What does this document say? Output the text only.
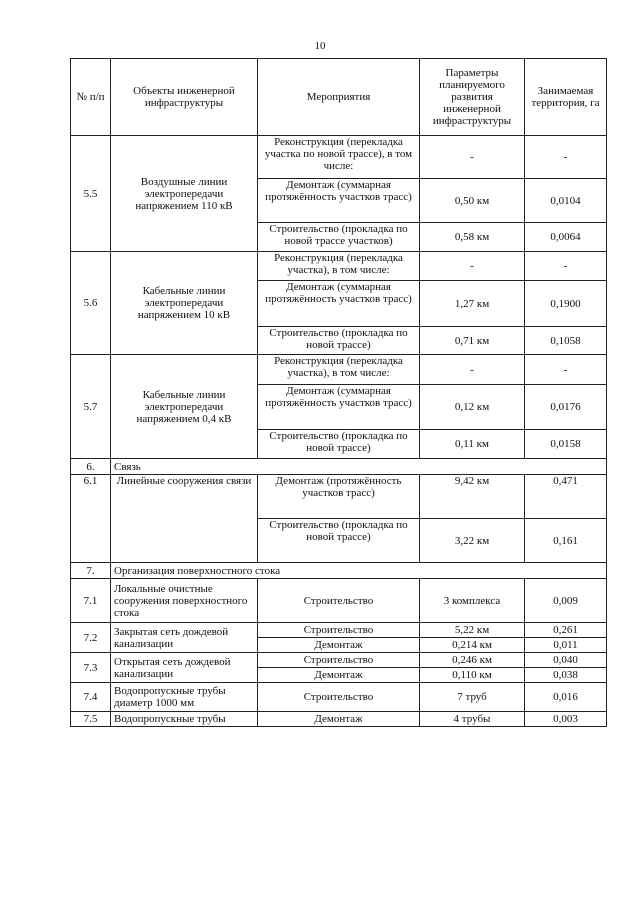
10
№ п/п	Объекты инженерной инфраструктуры	Мероприятия	Параметры планируемого развития инженерной инфраструктуры	Занимаемая территория, га
5.5	Воздушные линии электропередачи напряжением 110 кВ	Реконструкция (перекладка участка по новой трассе), в том числе:	-	-
		Демонтаж (суммарная протяжённость участков трасс)	0,50 км	0,0104
		Строительство (прокладка по новой трассе участков)	0,58 км	0,0064
5.6	Кабельные линии электропередачи напряжением 10 кВ	Реконструкция (перекладка участка), в том числе:	-	-
		Демонтаж (суммарная протяжённость участков трасс)	1,27 км	0,1900
		Строительство (прокладка по новой трассе)	0,71 км	0,1058
5.7	Кабельные линии электропередачи напряжением 0,4 кВ	Реконструкция (перекладка участка), в том числе:	-	-
		Демонтаж (суммарная протяжённость участков трасс)	0,12 км	0,0176
		Строительство (прокладка по новой трассе)	0,11 км	0,0158
6.	Связь			
6.1	Линейные сооружения связи	Демонтаж (протяжённость участков трасс)	9,42 км	0,471
		Строительство (прокладка по новой трассе)	3,22 км	0,161
7.	Организация поверхностного стока			
7.1	Локальные очистные сооружения поверхностного стока	Строительство	3 комплекса	0,009
7.2	Закрытая сеть дождевой канализации	Строительство	5,22 км	0,261
		Демонтаж	0,214 км	0,011
7.3	Открытая сеть дождевой канализации	Строительство	0,246 км	0,040
		Демонтаж	0,110 км	0,038
7.4	Водопропускные трубы диаметр 1000 мм	Строительство	7 труб	0,016
7.5	Водопропускные трубы	Демонтаж	4 трубы	0,003
